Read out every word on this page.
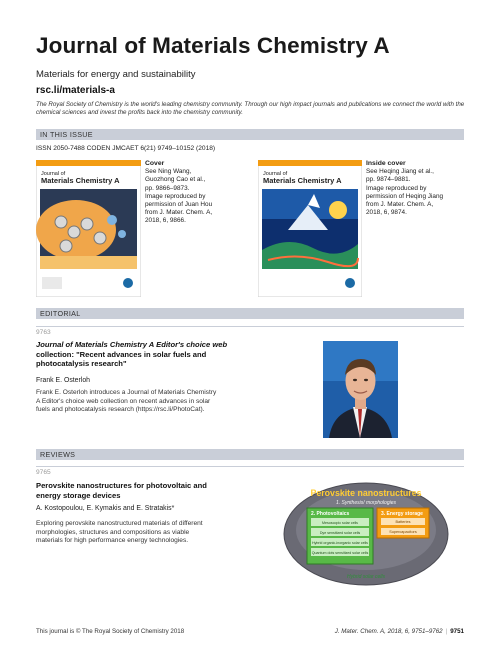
Journal of Materials Chemistry A
Materials for energy and sustainability
rsc.li/materials-a
The Royal Society of Chemistry is the world's leading chemistry community. Through our high impact journals and publications we connect the world with the chemical sciences and invest the profits back into the chemistry community.
IN THIS ISSUE
ISSN 2050-7488 CODEN JMCAET 6(21) 9749–10152 (2018)
Journal of
Materials Chemistry A
Cover
See Ning Wang,
Guozhong Cao et al.,
pp. 9866–9873.
Image reproduced by
permission of Juan Hou
from J. Mater. Chem. A,
2018, 6, 9866.
Journal of
Materials Chemistry A
Inside cover
See Heqing Jiang et al.,
pp. 9874–9881.
Image reproduced by
permission of Heqing Jiang
from J. Mater. Chem. A,
2018, 6, 9874.
EDITORIAL
9763
Journal of Materials Chemistry A Editor's choice web
collection: "Recent advances in solar fuels and
photocatalysis research"
Frank E. Osterloh
Frank E. Osterloh introduces a Journal of Materials Chemistry
A Editor's choice web collection on recent advances in solar
fuels and photocatalysis research (https://rsc.li/PhotoCat).
REVIEWS
9765
Perovskite nanostructures for photovoltaic and
energy storage devices
A. Kostopoulou, E. Kymakis and E. Stratakis*
Exploring perovskite nanostructured materials of different
morphologies, structures and compositions as viable
materials for high performance energy technologies.
Perovskite nanostructures
1. Synthesis/ morphologies
2. Photovoltaics
Mesoscopic solar cells
Dye sensitized solar cells
Hybrid organic-inorganic solar cells
Quantum dots sensitized solar cells
3. Energy storage
Batteries
Supercapacitors
Hybrid solar cells
This journal is © The Royal Society of Chemistry 2018	J. Mater. Chem. A, 2018, 6, 9751–9762 | 9751
